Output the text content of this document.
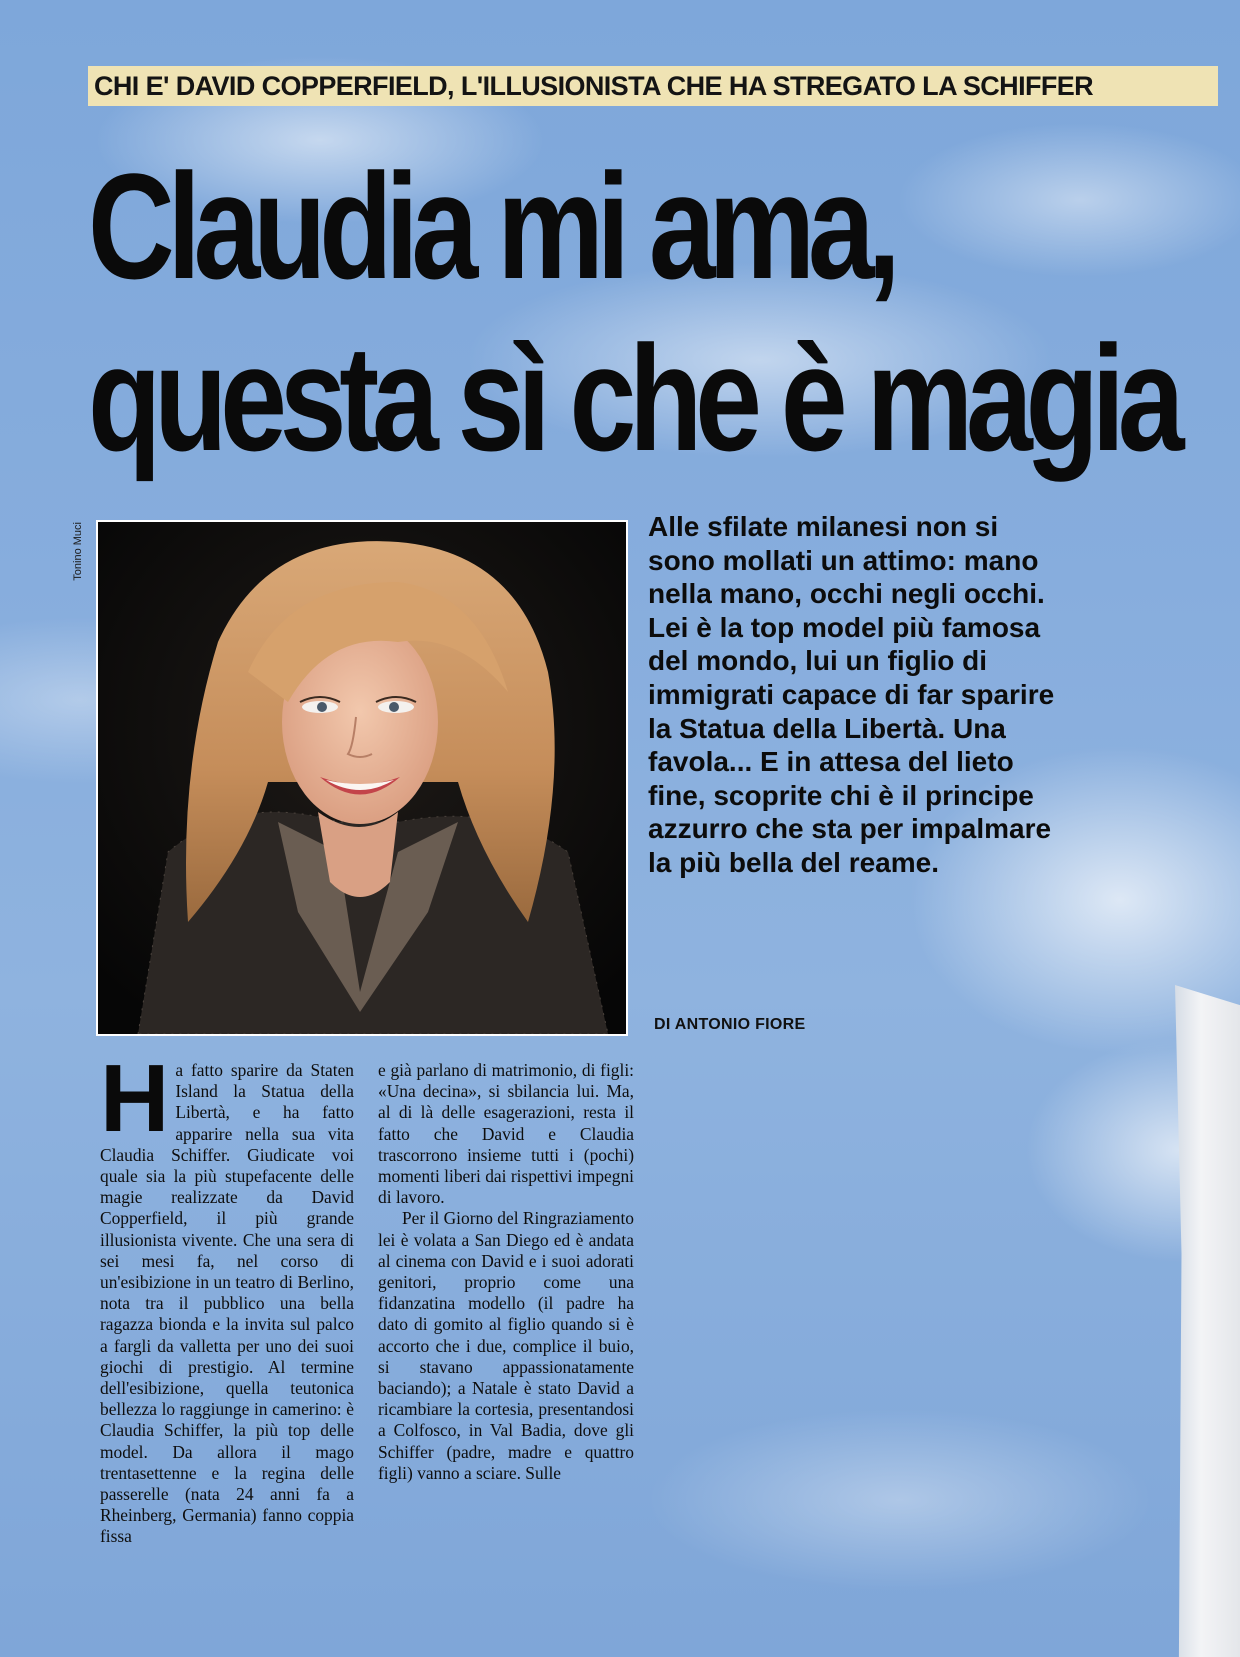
CHI E' DAVID COPPERFIELD, L'ILLUSIONISTA CHE HA STREGATO LA SCHIFFER
Claudia mi ama,
questa sì che è magia
Tonino Muci	Alle sfilate milanesi non si sono mollati un attimo: mano nella mano, occhi negli occhi. Lei è la top model più famosa del mondo, lui un figlio di immigrati capace di far sparire la Statua della Libertà. Una favola... E in attesa del lieto fine, scoprite chi è il principe azzurro che sta per impalmare la più bella del reame.

DI ANTONIO FIORE
H a fatto sparire da Staten Island la Statua della Libertà, e ha fatto apparire nella sua vita Claudia Schiffer. Giudicate voi quale sia la più stupefacente delle magie realizzate da David Copperfield, il più grande illusionista vivente. Che una sera di sei mesi fa, nel corso di un'esibizione in un teatro di Berlino, nota tra il pubblico una bella ragazza bionda e la invita sul palco a fargli da valletta per uno dei suoi giochi di prestigio. Al termine dell'esibizione, quella teutonica bellezza lo raggiunge in camerino: è Claudia Schiffer, la più top delle model. Da allora il mago trentasettenne e la regina delle passerelle (nata 24 anni fa a Rheinberg, Germania) fanno coppia fissa

e già parlano di matrimonio, di figli: «Una decina», si sbilancia lui. Ma, al di là delle esagerazioni, resta il fatto che David e Claudia trascorrono insieme tutti i (pochi) momenti liberi dai rispettivi impegni di lavoro.

Per il Giorno del Ringraziamento lei è volata a San Diego ed è andata al cinema con David e i suoi adorati genitori, proprio come una fidanzatina modello (il padre ha dato di gomito al figlio quando si è accorto che i due, complice il buio, si stavano appassionatamente baciando); a Natale è stato David a ricambiare la cortesia, presentandosi a Colfosco, in Val Badia, dove gli Schiffer (padre, madre e quattro figli) vanno a sciare. Sulle
